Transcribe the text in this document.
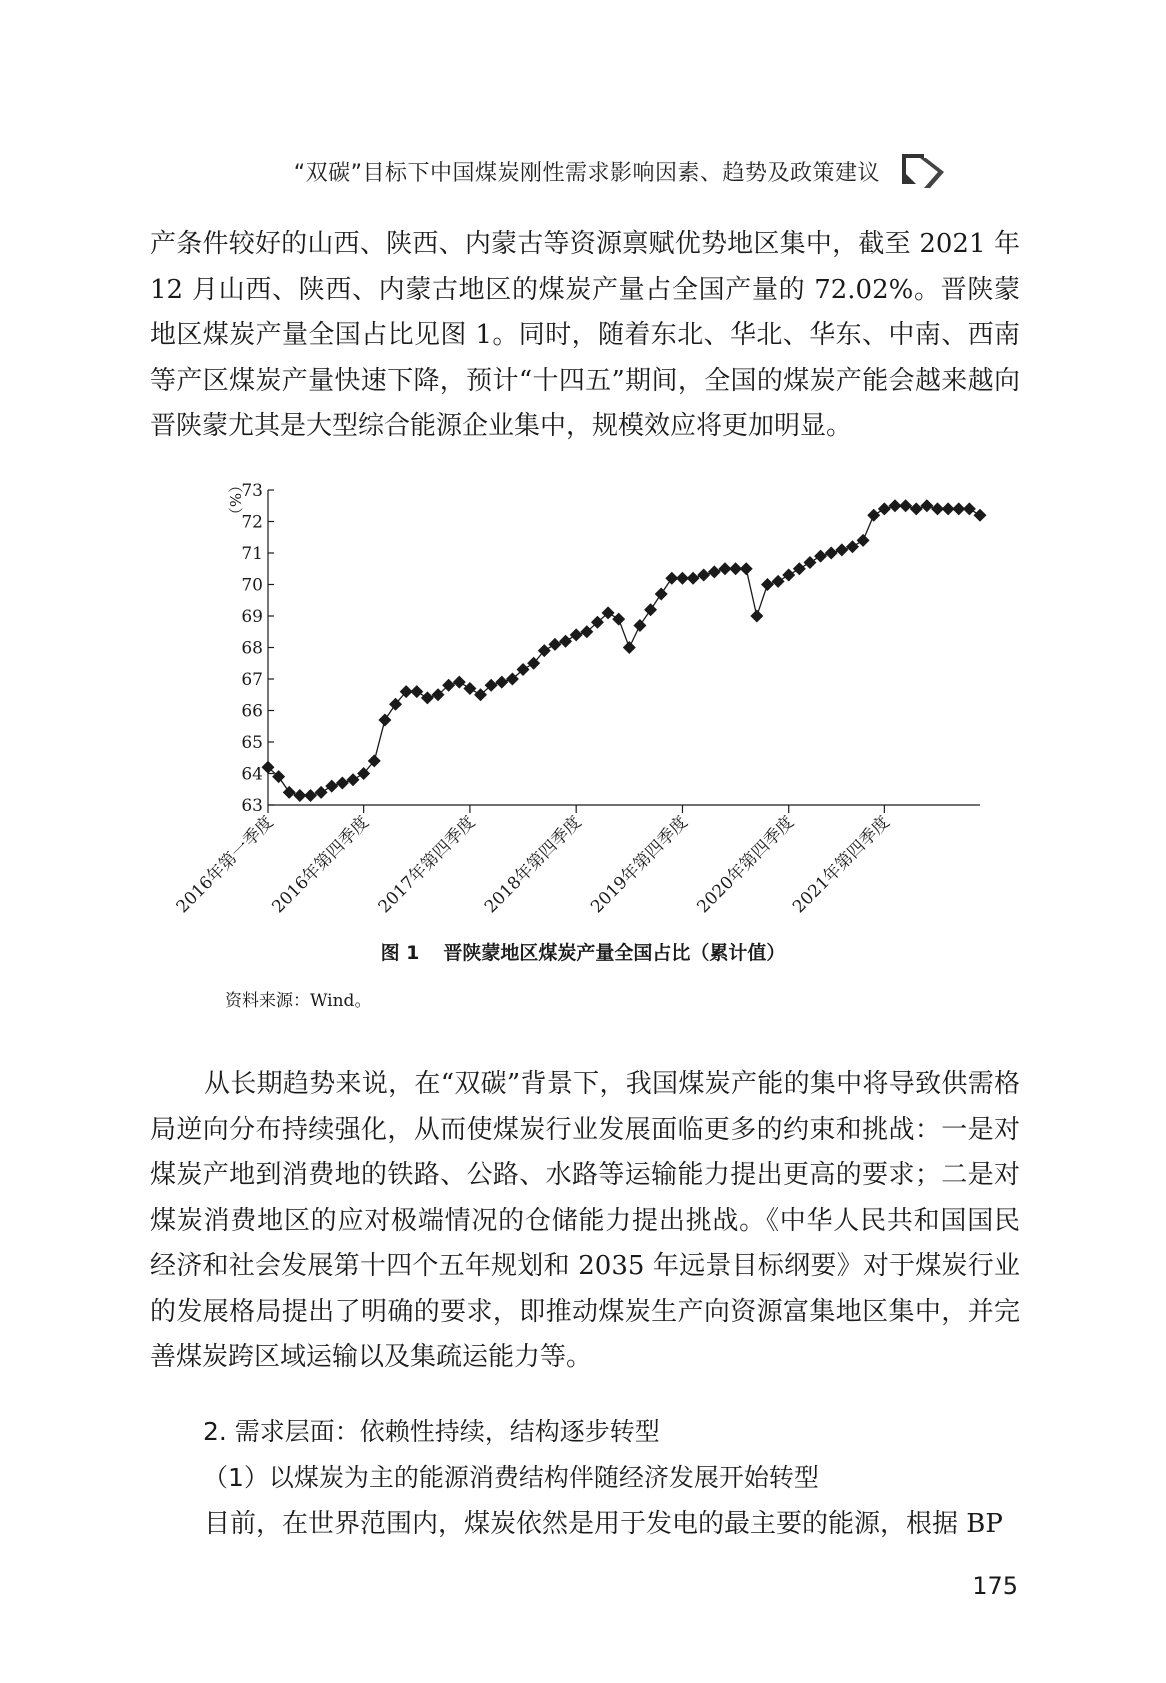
“双碳”目标下中国煤炭刚性需求影响因素、趋势及政策建议
产条件较好的山西、陕西、内蒙古等资源禀赋优势地区集中，截至 2021 年 12 月山西、陕西、内蒙古地区的煤炭产量占全国产量的 72.02%。晋陕蒙地区煤炭产量全国占比见图 1。同时，随着东北、华北、华东、中南、西南等产区煤炭产量快速下降，预计“十四五”期间，全国的煤炭产能会越来越向晋陕蒙尤其是大型综合能源企业集中，规模效应将更加明显。
63
64
65
66
67
68
69
70
71
72
73
（%）
2016年第一季度
2016年第四季度 2017年第四季度 2018年第四季度 2019年第四季度 2020年第四季度
2021年第四季度
图 1 晋陕蒙地区煤炭产量全国占比（累计值）
资料来源：Wind。
从长期趋势来说，在“双碳”背景下，我国煤炭产能的集中将导致供需格局逆向分布持续强化，从而使煤炭行业发展面临更多的约束和挑战：一是对煤炭产地到消费地的铁路、公路、水路等运输能力提出更高的要求；二是对煤炭消费地区的应对极端情况的仓储能力提出挑战。《中华人民共和国国民经济和社会发展第十四个五年规划和 2035 年远景目标纲要》对于煤炭行业的发展格局提出了明确的要求，即推动煤炭生产向资源富集地区集中，并完善煤炭跨区域运输以及集疏运能力等。
2. 需求层面：依赖性持续，结构逐步转型
（1）以煤炭为主的能源消费结构伴随经济发展开始转型
目前，在世界范围内，煤炭依然是用于发电的最主要的能源，根据 BP
175
